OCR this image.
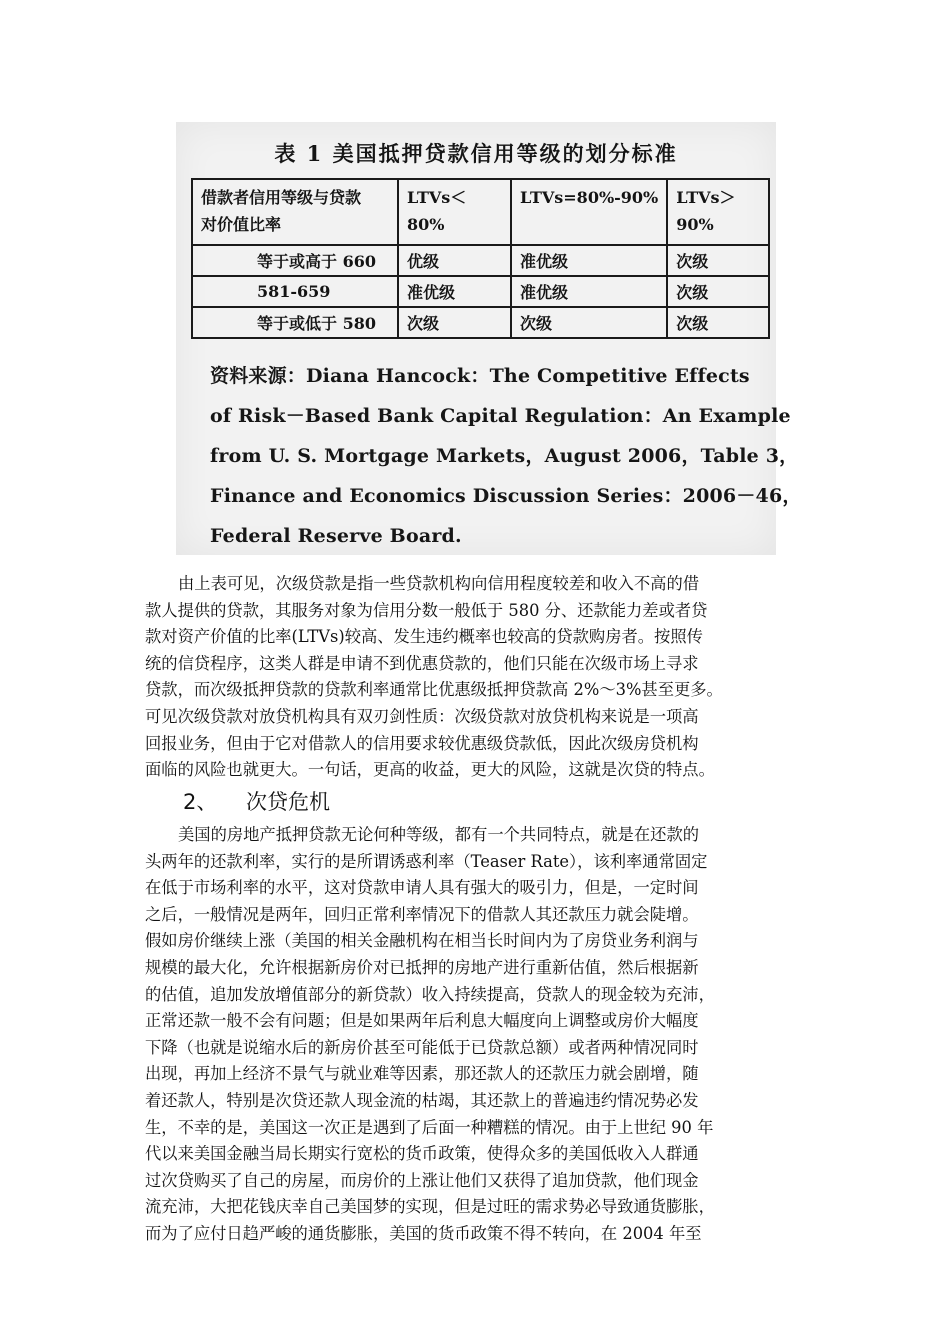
表 1 美国抵押贷款信用等级的划分标准
借款者信用等级与贷款
对价值比率	LTVs＜80%	LTVs=80%-90%	LTVs＞90%
等于或高于 660	优级	准优级	次级
581-659	准优级	准优级	次级
等于或低于 580	次级	次级	次级
资料来源：Diana Hancock：The Competitive Effects
of Risk－Based Bank Capital Regulation：An Example
from U. S. Mortgage Markets，August 2006，Table 3，
Finance and Economics Discussion Series：2006－46，
Federal Reserve Board.
由上表可见，次级贷款是指一些贷款机构向信用程度较差和收入不高的借
款人提供的贷款，其服务对象为信用分数一般低于 580 分、还款能力差或者贷
款对资产价值的比率(LTVs)较高、发生违约概率也较高的贷款购房者。按照传
统的信贷程序，这类人群是申请不到优惠贷款的，他们只能在次级市场上寻求
贷款，而次级抵押贷款的贷款利率通常比优惠级抵押贷款高 2%～3%甚至更多。
可见次级贷款对放贷机构具有双刃剑性质：次级贷款对放贷机构来说是一项高
回报业务，但由于它对借款人的信用要求较优惠级贷款低，因此次级房贷机构
面临的风险也就更大。一句话，更高的收益，更大的风险，这就是次贷的特点。
2、 次贷危机
美国的房地产抵押贷款无论何种等级，都有一个共同特点，就是在还款的
头两年的还款利率，实行的是所谓诱惑利率（Teaser Rate），该利率通常固定
在低于市场利率的水平，这对贷款申请人具有强大的吸引力，但是，一定时间
之后，一般情况是两年，回归正常利率情况下的借款人其还款压力就会陡增。
假如房价继续上涨（美国的相关金融机构在相当长时间内为了房贷业务利润与
规模的最大化，允许根据新房价对已抵押的房地产进行重新估值，然后根据新
的估值，追加发放增值部分的新贷款）收入持续提高，贷款人的现金较为充沛，
正常还款一般不会有问题；但是如果两年后利息大幅度向上调整或房价大幅度
下降（也就是说缩水后的新房价甚至可能低于已贷款总额）或者两种情况同时
出现，再加上经济不景气与就业难等因素，那还款人的还款压力就会剧增，随
着还款人，特别是次贷还款人现金流的枯竭，其还款上的普遍违约情况势必发
生，不幸的是，美国这一次正是遇到了后面一种糟糕的情况。由于上世纪 90 年
代以来美国金融当局长期实行宽松的货币政策，使得众多的美国低收入人群通
过次贷购买了自己的房屋，而房价的上涨让他们又获得了追加贷款，他们现金
流充沛，大把花钱庆幸自己美国梦的实现，但是过旺的需求势必导致通货膨胀，
而为了应付日趋严峻的通货膨胀，美国的货币政策不得不转向，在 2004 年至
